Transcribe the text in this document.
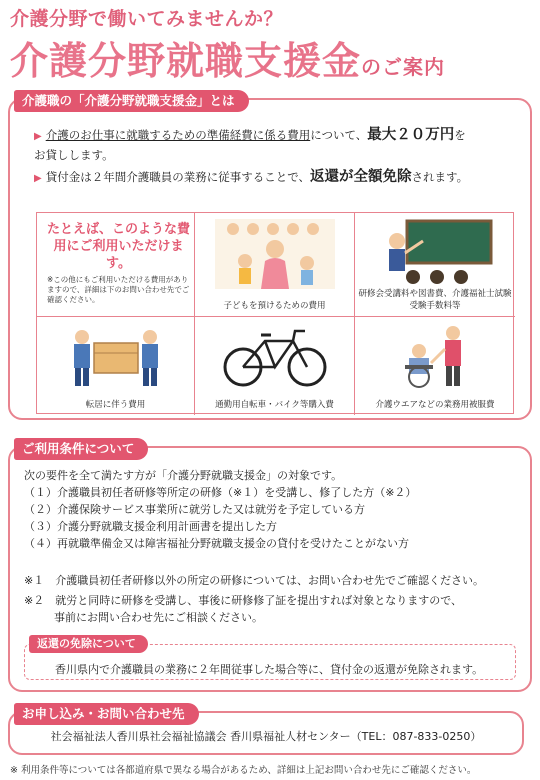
介護分野で働いてみませんか？
介護分野就職支援金のご案内
介護職の「介護分野就職支援金」とは
▶ 介護のお仕事に就職するための準備経費に係る費用について、最大２０万円を
お貸しします。
▶ 貸付金は２年間介護職員の業務に従事することで、返還が全額免除されます。
たとえば、このような費用にご利用いただけます。
※この他にもご利用いただける費用がありますので、詳細は下のお問い合わせ先でご確認ください。
子どもを預けるための費用
研修会受講料や図書費、介護福祉士試験受験手数料等
転居に伴う費用	通勤用自転車・バイク等購入費	介護ウエアなどの業務用被服費
ご利用条件について
次の要件を全て満たす方が「介護分野就職支援金」の対象です。
（１）介護職員初任者研修等所定の研修（※１）を受講し、修了した方（※２）
（２）介護保険サービス事業所に就労した又は就労を予定している方
（３）介護分野就職支援金利用計画書を提出した方
（４）再就職準備金又は障害福祉分野就職支援金の貸付を受けたことがない方
※１　介護職員初任者研修以外の所定の研修については、お問い合わせ先でご確認ください。
※２　就労と同時に研修を受講し、事後に研修修了証を提出すれば対象となりますので、
事前にお問い合わせ先にご相談ください。
返還の免除について
香川県内で介護職員の業務に２年間従事した場合等に、貸付金の返還が免除されます。
お申し込み・お問い合わせ先
社会福祉法人香川県社会福祉協議会 香川県福祉人材センター（TEL：087-833-0250）
※ 利用条件等については各都道府県で異なる場合があるため、詳細は上記お問い合わせ先にご確認ください。
